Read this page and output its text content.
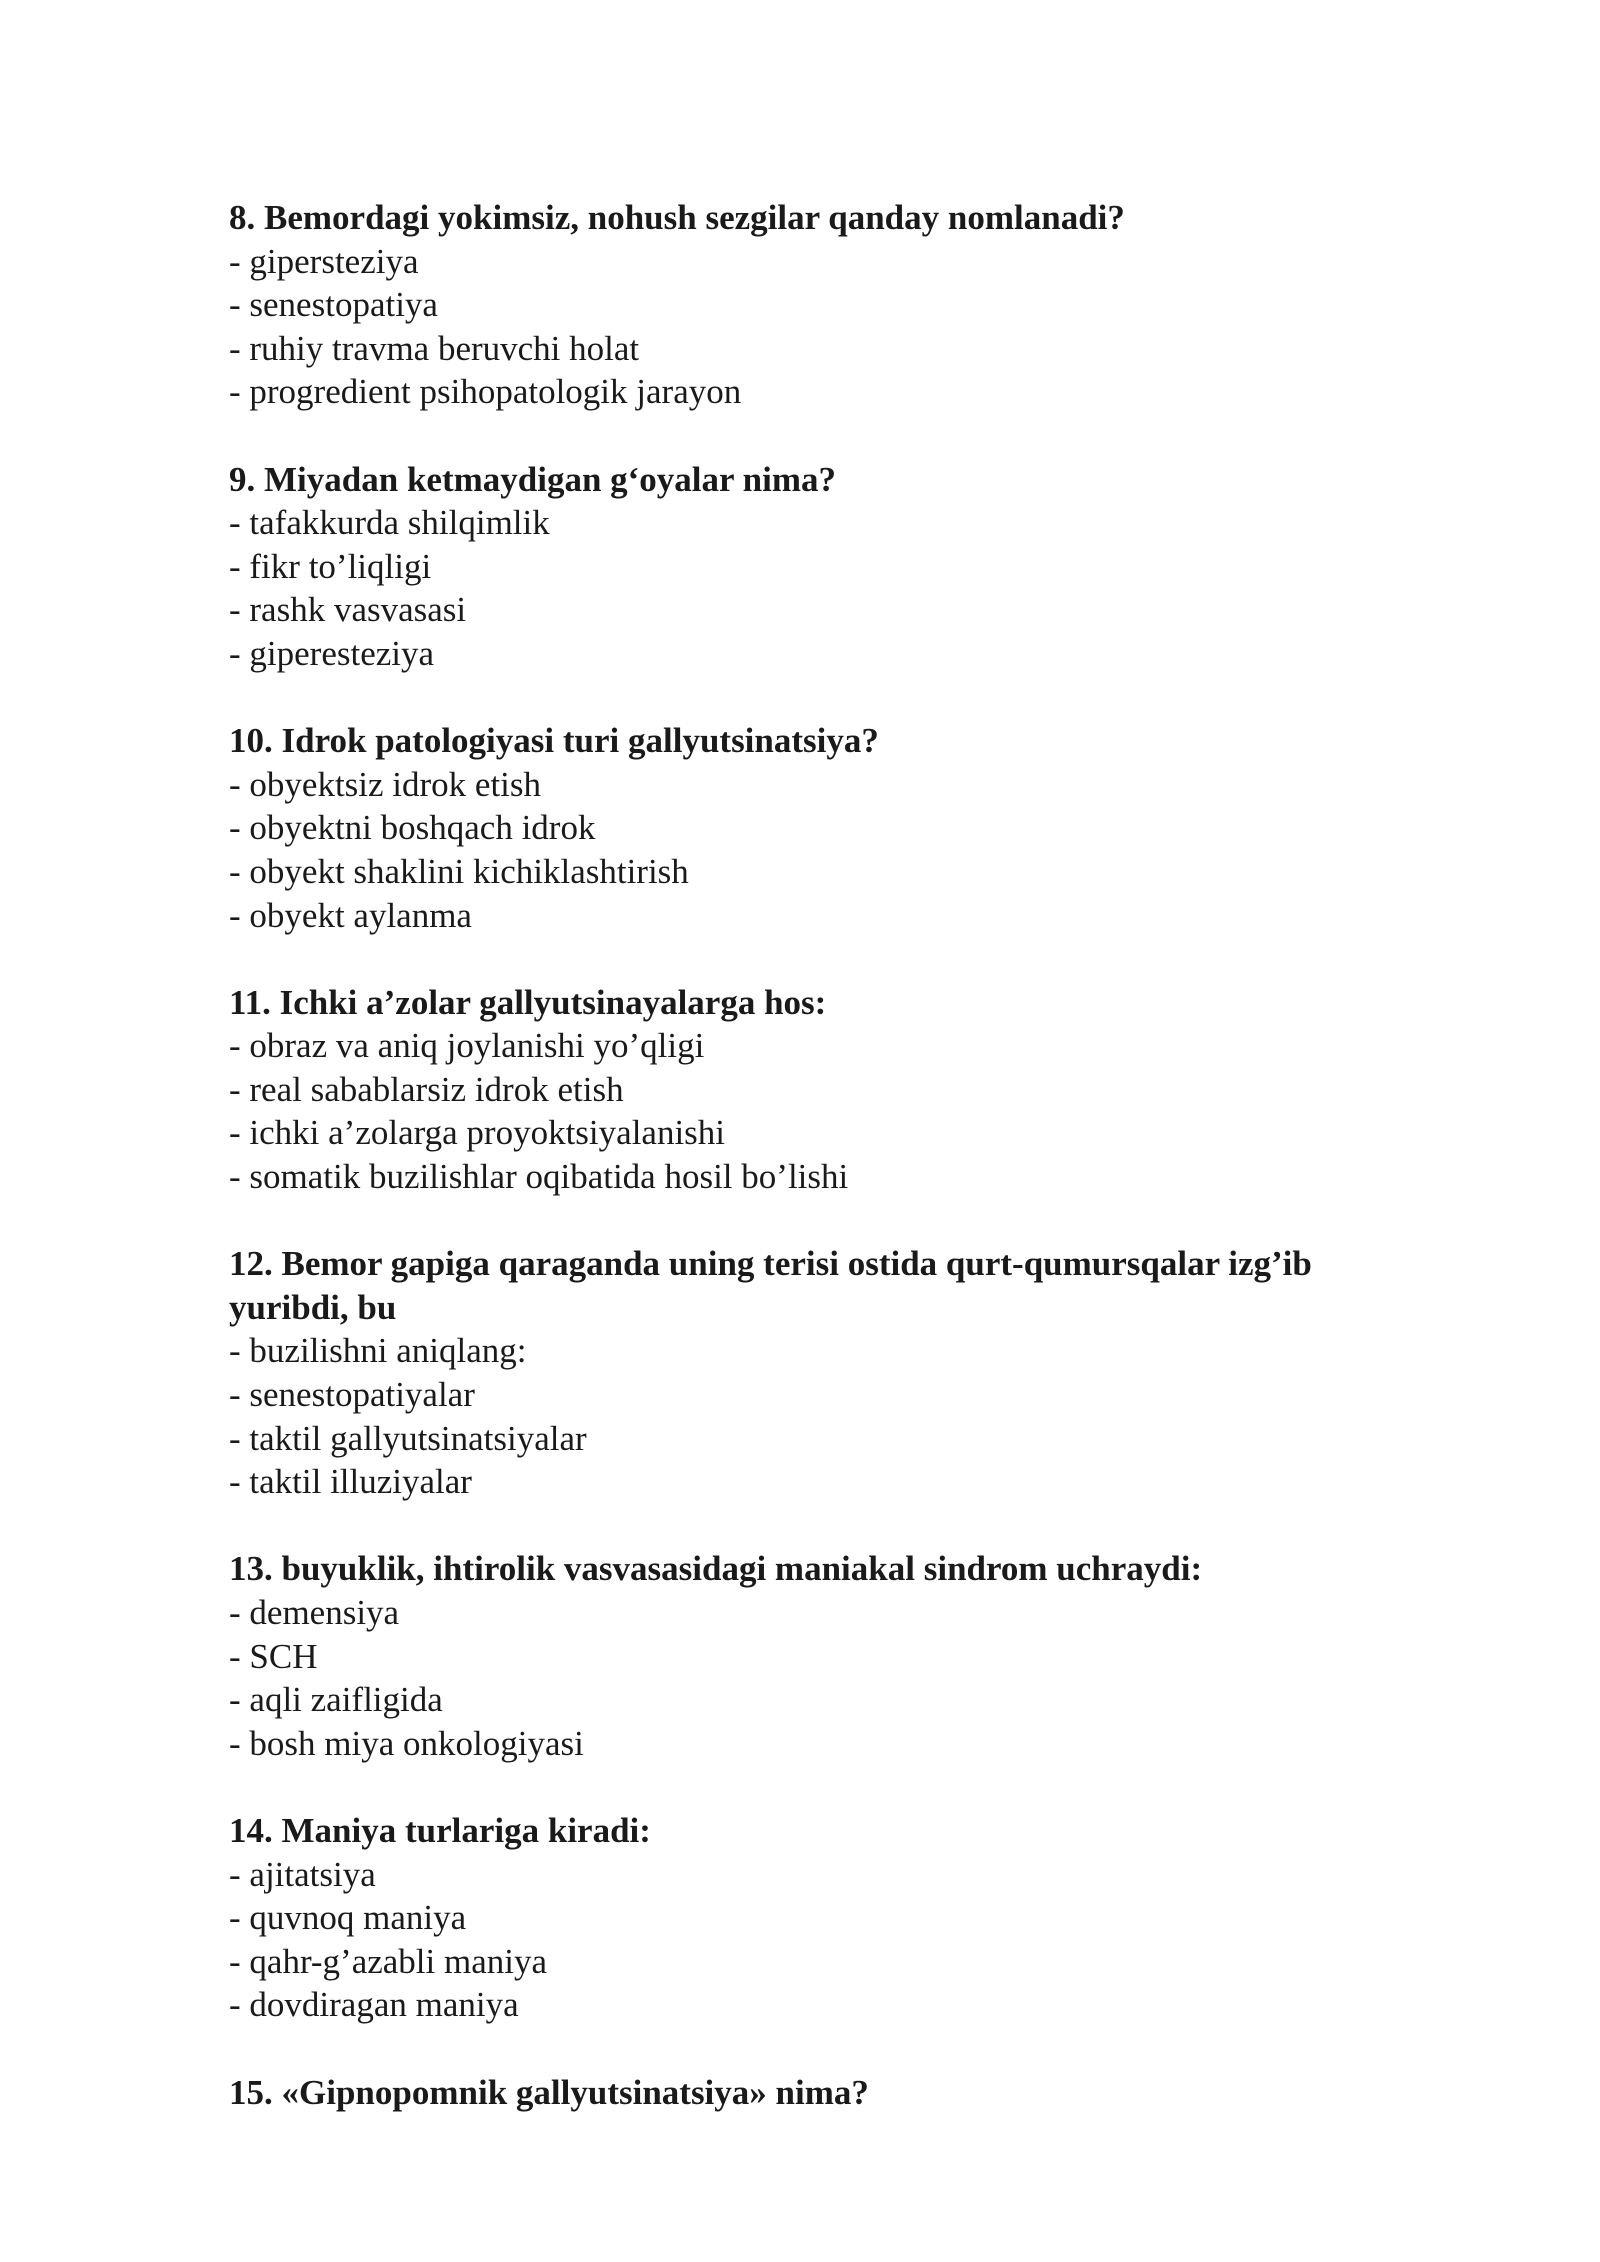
8. Bemordagi yokimsiz, nohush sezgilar qanday nomlanadi?

- gipersteziya
- senestopatiya
- ruhiy travma beruvchi holat
- progredient psihopatologik jarayon

9. Miyadan ketmaydigan g‘oyalar nima?

- tafakkurda shilqimlik
- fikr to’liqligi
- rashk vasvasasi
- giperesteziya

10. Idrok patologiyasi turi gallyutsinatsiya?

- obyektsiz idrok etish
- obyektni boshqach idrok
- obyekt shaklini kichiklashtirish
- obyekt aylanma

11. Ichki a’zolar gallyutsinayalarga hos:

- obraz va aniq joylanishi yo’qligi
- real sabablarsiz idrok etish
- ichki a’zolarga proyoktsiyalanishi
- somatik buzilishlar oqibatida hosil bo’lishi

12. Bemor gapiga qaraganda uning terisi ostida qurt-qumursqalar izg’ib
yuribdi, bu

- buzilishni aniqlang:
- senestopatiyalar
- taktil gallyutsinatsiyalar
- taktil illuziyalar

13. buyuklik, ihtirolik vasvasasidagi maniakal sindrom uchraydi:

- demensiya
- SCH
- aqli zaifligida
- bosh miya onkologiyasi

14. Maniya turlariga kiradi:

- ajitatsiya
- quvnoq maniya
- qahr-g’azabli maniya
- dovdiragan maniya

15. «Gipnopomnik gallyutsinatsiya» nima?
